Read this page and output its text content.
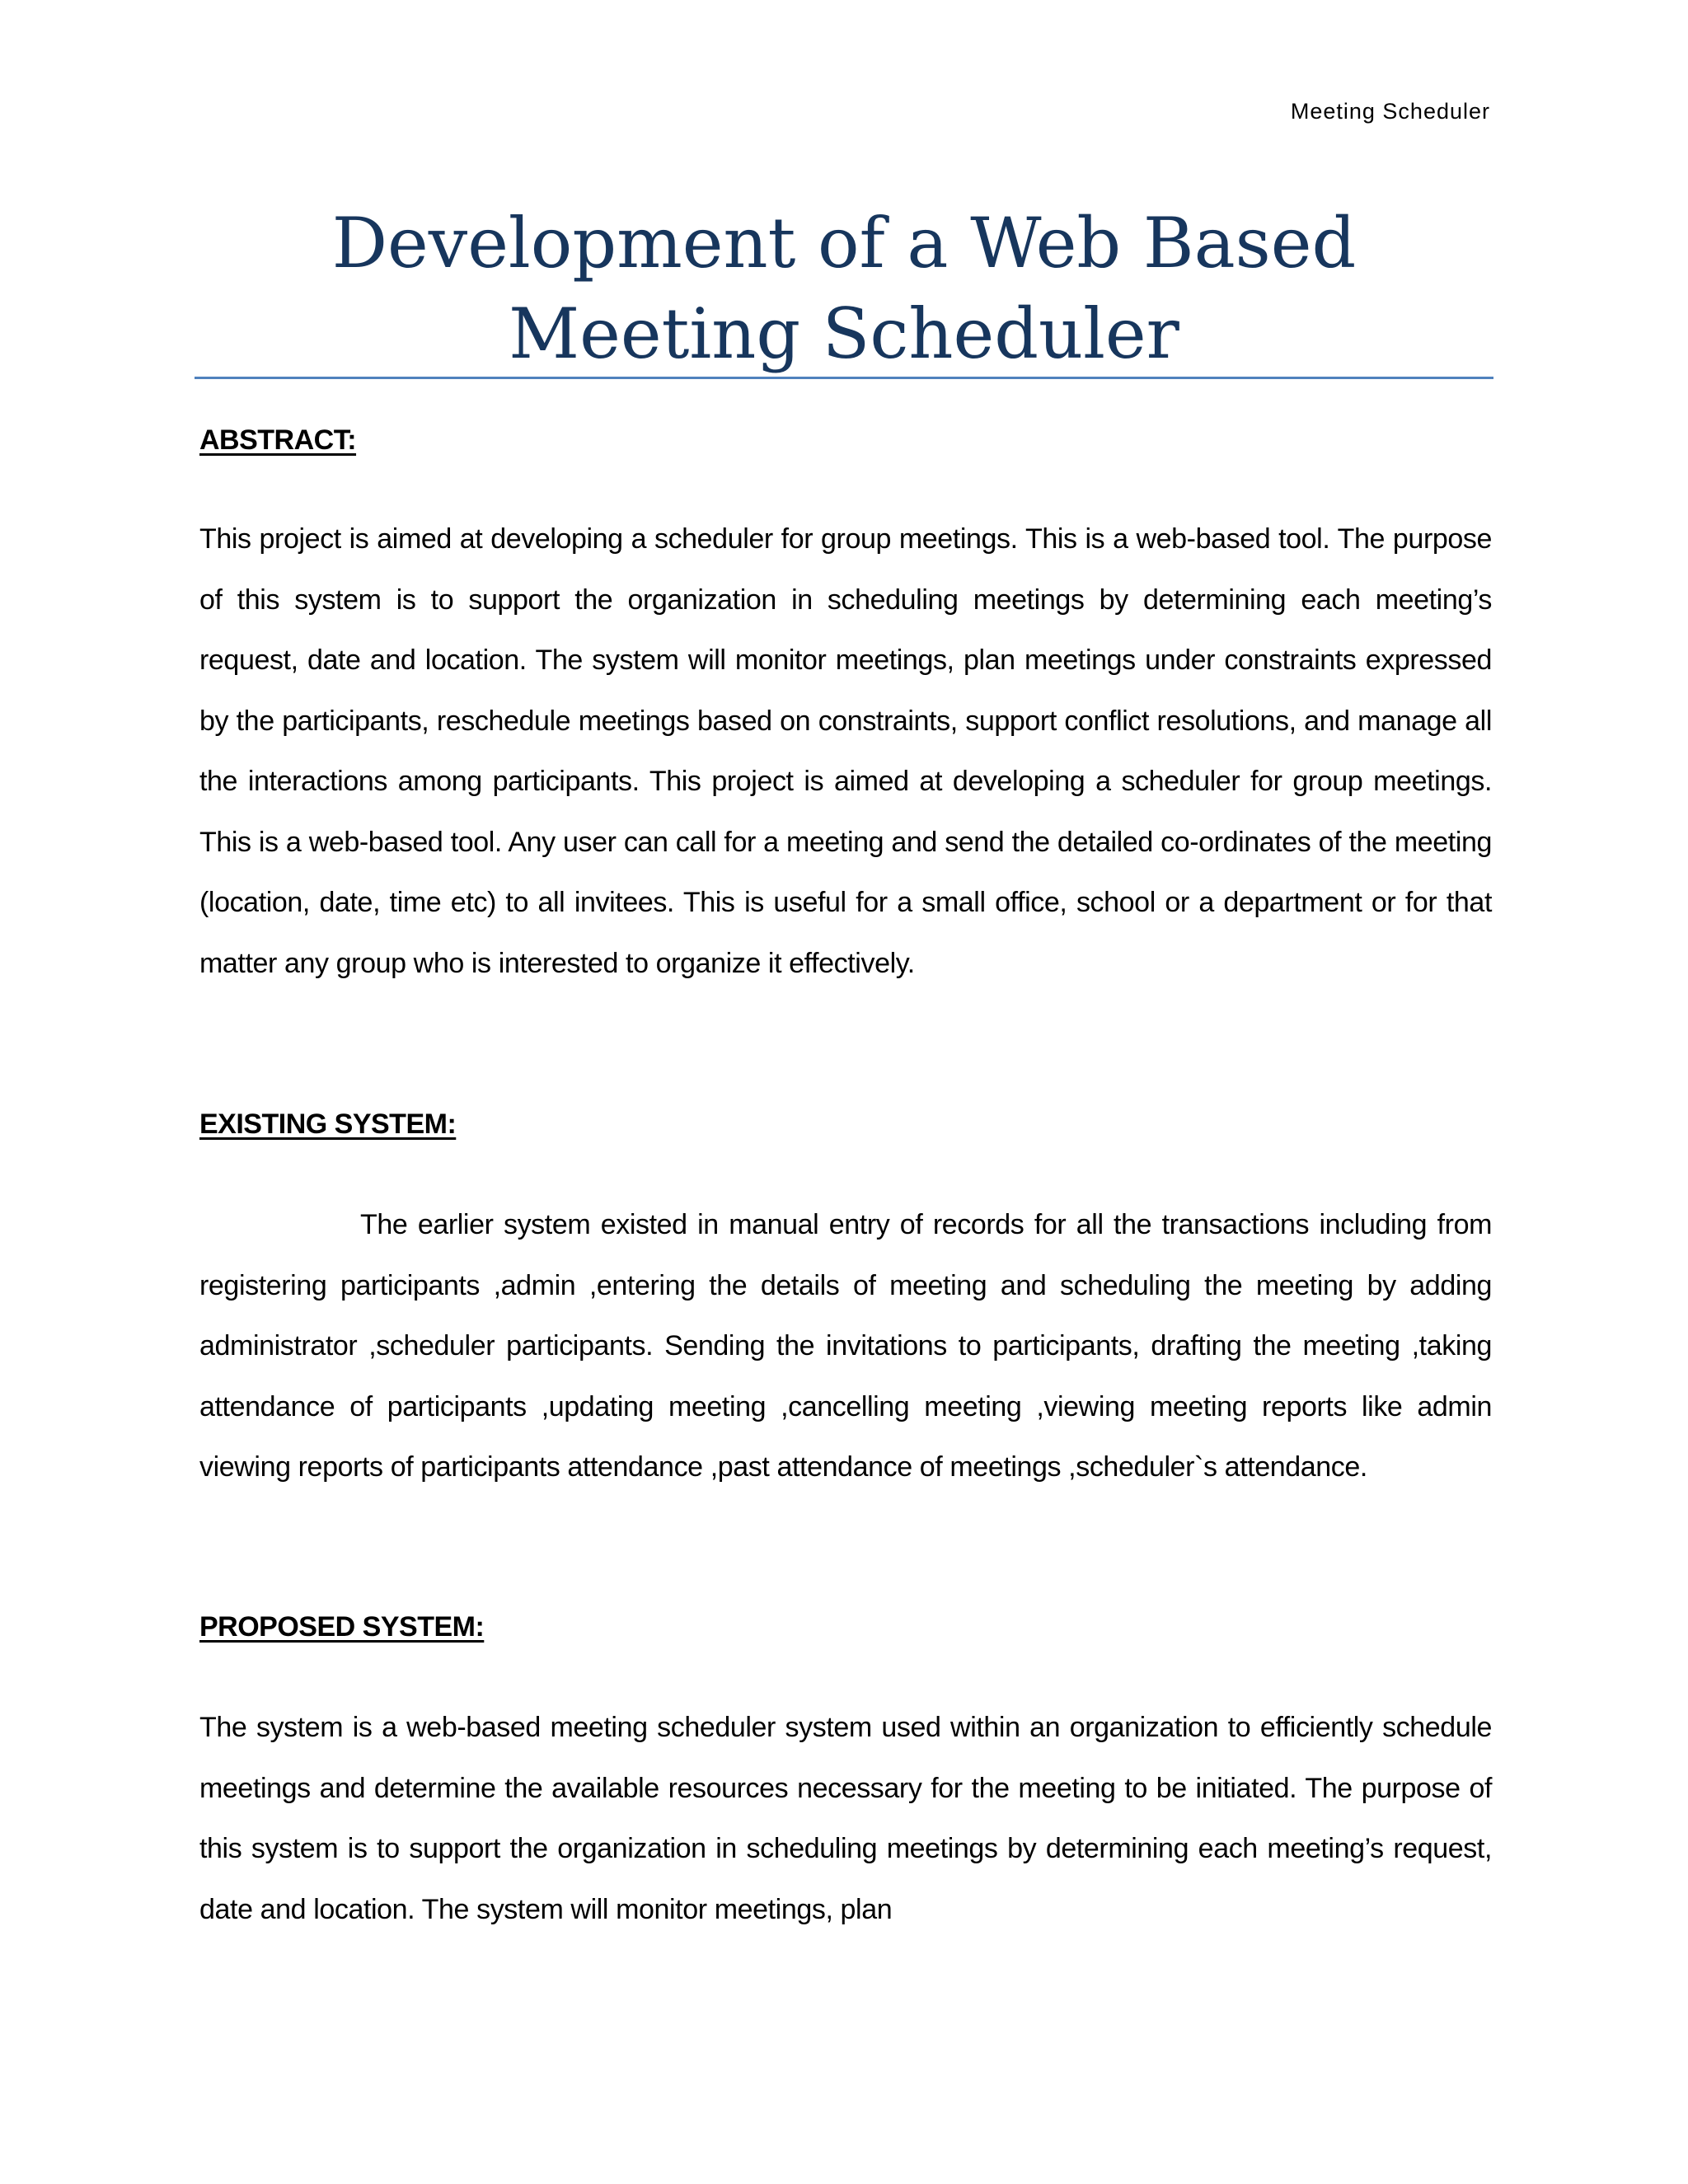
Meeting Scheduler
Development of a Web Based Meeting Scheduler
ABSTRACT:

This project is aimed at developing a scheduler for group meetings. This is a web-based tool. The purpose of this system is to support the organization in scheduling meetings by determining each meeting’s request, date and location. The system will monitor meetings, plan meetings under constraints expressed by the participants, reschedule meetings based on constraints, support conflict resolutions, and manage all the interactions among participants. This project is aimed at developing a scheduler for group meetings. This is a web-based tool. Any user can call for a meeting and send the detailed co-ordinates of the meeting (location, date, time etc) to all invitees. This is useful for a small office, school or a department or for that matter any group who is interested to organize it effectively.

EXISTING SYSTEM:

The earlier system existed in manual entry of records for all the transactions including from registering participants ,admin ,entering the details of meeting and scheduling the meeting by adding administrator ,scheduler participants. Sending the invitations to participants, drafting the meeting ,taking attendance of participants ,updating meeting ,cancelling meeting ,viewing meeting reports like admin viewing reports of participants attendance ,past attendance of meetings ,scheduler`s attendance.

PROPOSED SYSTEM:

The system is a web-based meeting scheduler system used within an organization to efficiently schedule meetings and determine the available resources necessary for the meeting to be initiated. The purpose of this system is to support the organization in scheduling meetings by determining each meeting’s request, date and location. The system will monitor meetings, plan
